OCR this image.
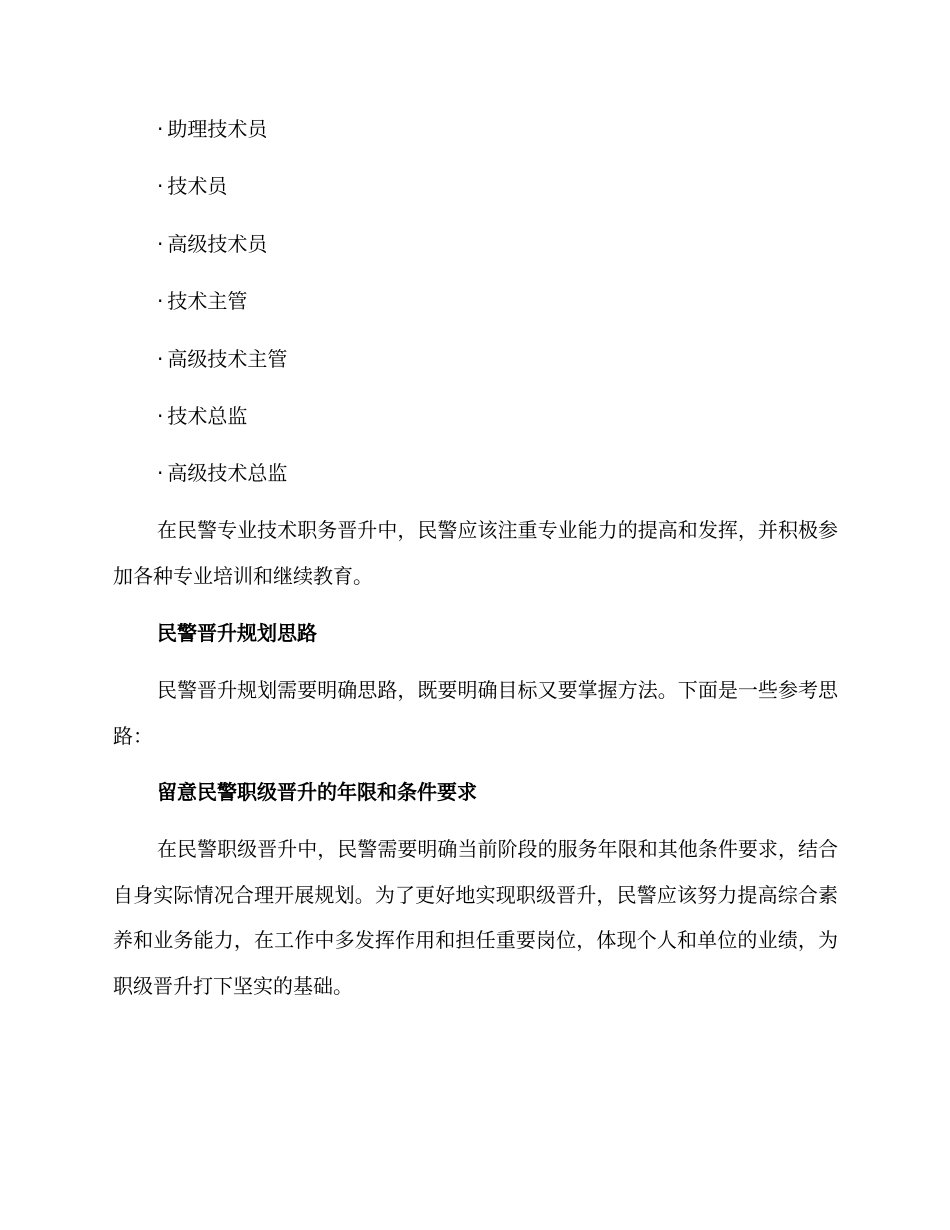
· 助理技术员
· 技术员
· 高级技术员
· 技术主管
· 高级技术主管
· 技术总监
· 高级技术总监

在民警专业技术职务晋升中，民警应该注重专业能力的提高和发挥，并积极参加各种专业培训和继续教育。

民警晋升规划思路

民警晋升规划需要明确思路，既要明确目标又要掌握方法。下面是一些参考思路：

留意民警职级晋升的年限和条件要求

在民警职级晋升中，民警需要明确当前阶段的服务年限和其他条件要求，结合自身实际情况合理开展规划。为了更好地实现职级晋升，民警应该努力提高综合素养和业务能力，在工作中多发挥作用和担任重要岗位，体现个人和单位的业绩，为职级晋升打下坚实的基础。
